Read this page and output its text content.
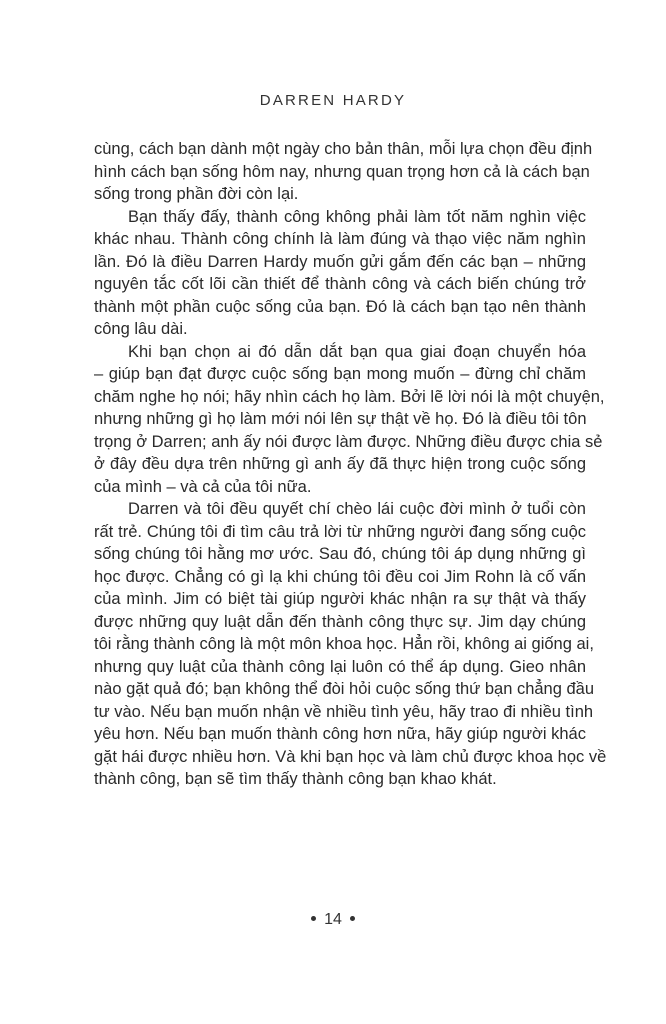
DARREN HARDY
cùng, cách bạn dành một ngày cho bản thân, mỗi lựa chọn đều định
hình cách bạn sống hôm nay, nhưng quan trọng hơn cả là cách bạn
sống trong phần đời còn lại.
Bạn thấy đấy, thành công không phải làm tốt năm nghìn việc
khác nhau. Thành công chính là làm đúng và thạo việc năm nghìn
lần. Đó là điều Darren Hardy muốn gửi gắm đến các bạn – những
nguyên tắc cốt lõi cần thiết để thành công và cách biến chúng trở
thành một phần cuộc sống của bạn. Đó là cách bạn tạo nên thành
công lâu dài.
Khi bạn chọn ai đó dẫn dắt bạn qua giai đoạn chuyển hóa
– giúp bạn đạt được cuộc sống bạn mong muốn – đừng chỉ chăm
chăm nghe họ nói; hãy nhìn cách họ làm. Bởi lẽ lời nói là một chuyện,
nhưng những gì họ làm mới nói lên sự thật về họ. Đó là điều tôi tôn
trọng ở Darren; anh ấy nói được làm được. Những điều được chia sẻ
ở đây đều dựa trên những gì anh ấy đã thực hiện trong cuộc sống
của mình – và cả của tôi nữa.
Darren và tôi đều quyết chí chèo lái cuộc đời mình ở tuổi còn
rất trẻ. Chúng tôi đi tìm câu trả lời từ những người đang sống cuộc
sống chúng tôi hằng mơ ước. Sau đó, chúng tôi áp dụng những gì
học được. Chẳng có gì lạ khi chúng tôi đều coi Jim Rohn là cố vấn
của mình. Jim có biệt tài giúp người khác nhận ra sự thật và thấy
được những quy luật dẫn đến thành công thực sự. Jim dạy chúng
tôi rằng thành công là một môn khoa học. Hẳn rồi, không ai giống ai,
nhưng quy luật của thành công lại luôn có thể áp dụng. Gieo nhân
nào gặt quả đó; bạn không thể đòi hỏi cuộc sống thứ bạn chẳng đầu
tư vào. Nếu bạn muốn nhận về nhiều tình yêu, hãy trao đi nhiều tình
yêu hơn. Nếu bạn muốn thành công hơn nữa, hãy giúp người khác
gặt hái được nhiều hơn. Và khi bạn học và làm chủ được khoa học về
thành công, bạn sẽ tìm thấy thành công bạn khao khát.
14
